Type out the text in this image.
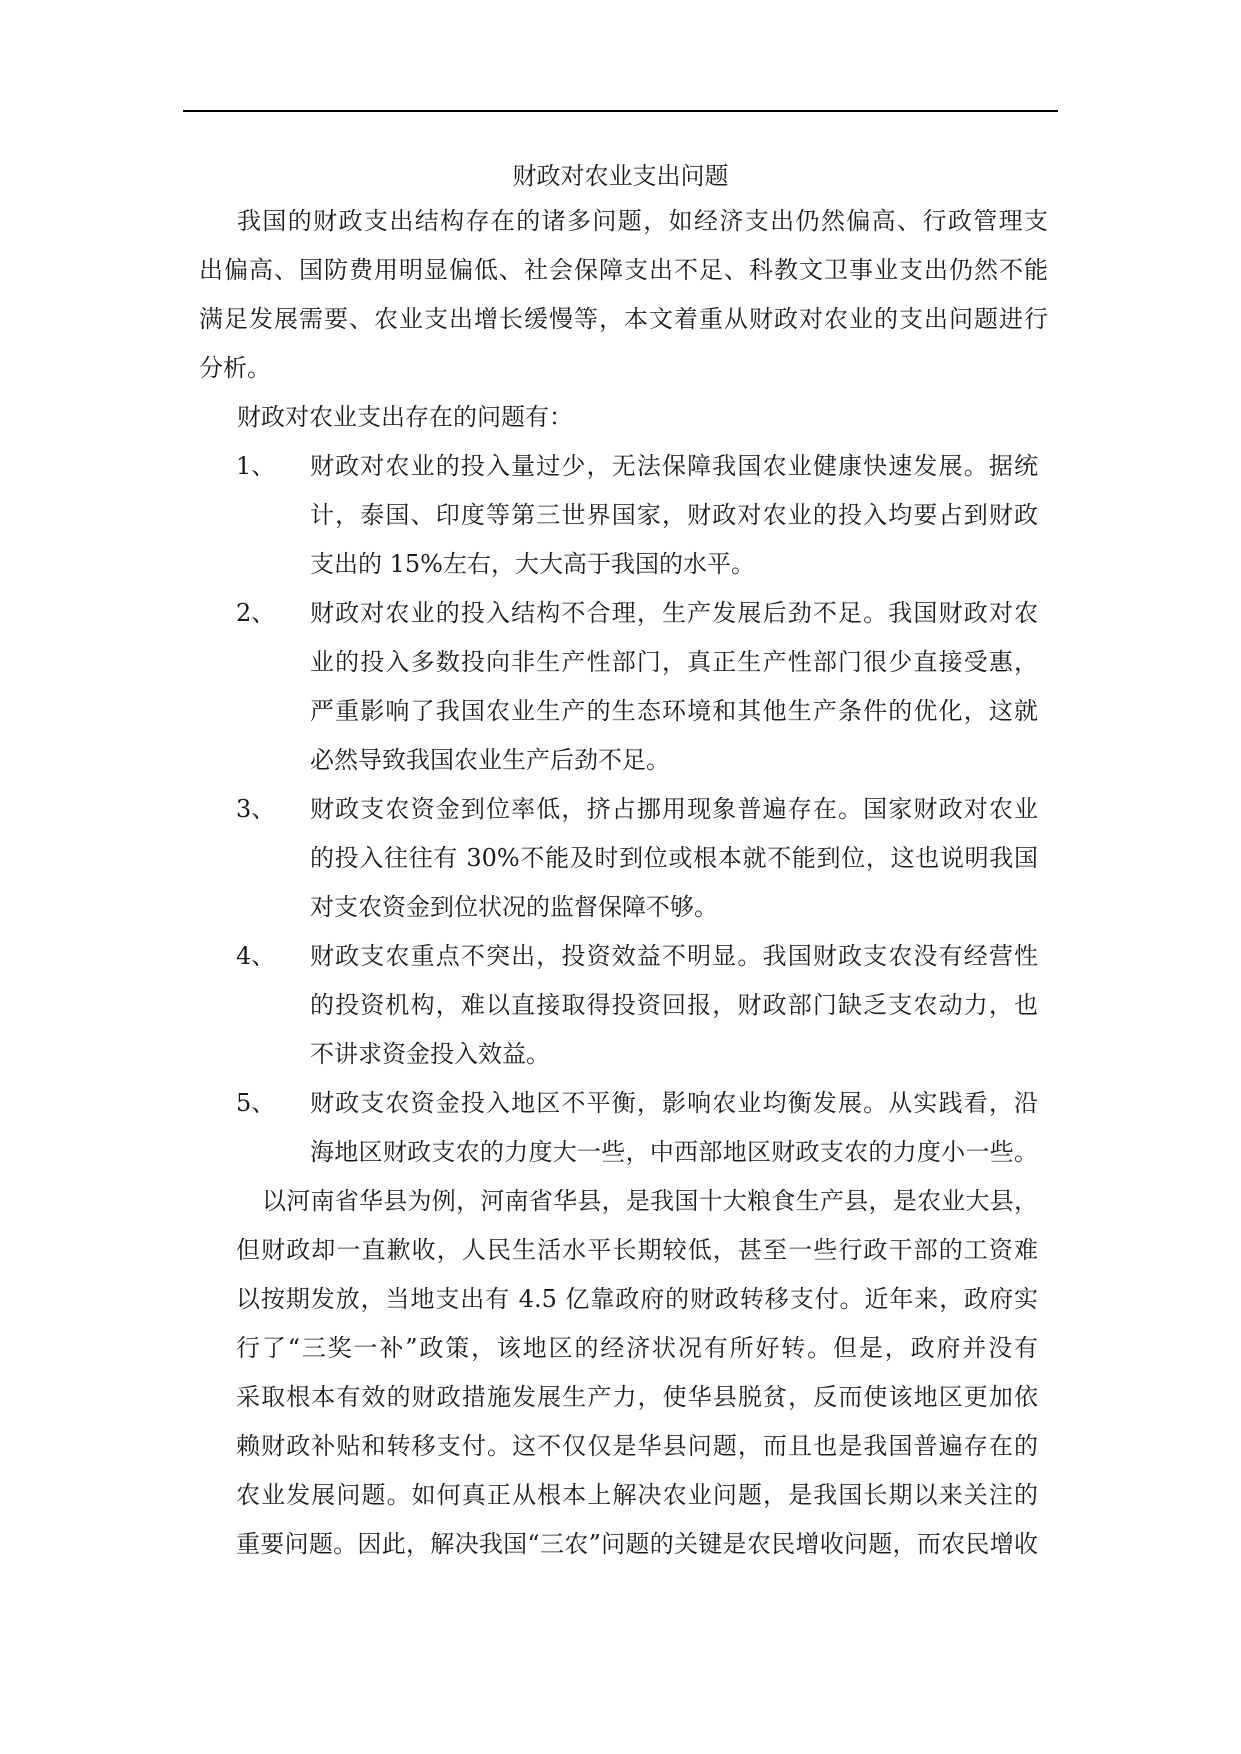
财政对农业支出问题
我国的财政支出结构存在的诸多问题，如经济支出仍然偏高、行政管理支
出偏高、国防费用明显偏低、社会保障支出不足、科教文卫事业支出仍然不能
满足发展需要、农业支出增长缓慢等，本文着重从财政对农业的支出问题进行
分析。
财政对农业支出存在的问题有：
1、 财政对农业的投入量过少，无法保障我国农业健康快速发展。据统
计，泰国、印度等第三世界国家，财政对农业的投入均要占到财政
支出的 15%左右，大大高于我国的水平。
2、 财政对农业的投入结构不合理，生产发展后劲不足。我国财政对农
业的投入多数投向非生产性部门，真正生产性部门很少直接受惠，
严重影响了我国农业生产的生态环境和其他生产条件的优化，这就
必然导致我国农业生产后劲不足。
3、 财政支农资金到位率低，挤占挪用现象普遍存在。国家财政对农业
的投入往往有 30%不能及时到位或根本就不能到位，这也说明我国
对支农资金到位状况的监督保障不够。
4、 财政支农重点不突出，投资效益不明显。我国财政支农没有经营性
的投资机构，难以直接取得投资回报，财政部门缺乏支农动力，也
不讲求资金投入效益。
5、 财政支农资金投入地区不平衡，影响农业均衡发展。从实践看，沿
海地区财政支农的力度大一些，中西部地区财政支农的力度小一些。
以河南省华县为例，河南省华县，是我国十大粮食生产县，是农业大县，
但财政却一直歉收，人民生活水平长期较低，甚至一些行政干部的工资难
以按期发放，当地支出有 4.5 亿靠政府的财政转移支付。近年来，政府实
行了“三奖一补”政策，该地区的经济状况有所好转。但是，政府并没有
采取根本有效的财政措施发展生产力，使华县脱贫，反而使该地区更加依
赖财政补贴和转移支付。这不仅仅是华县问题，而且也是我国普遍存在的
农业发展问题。如何真正从根本上解决农业问题，是我国长期以来关注的
重要问题。因此，解决我国“三农”问题的关键是农民增收问题，而农民增收
